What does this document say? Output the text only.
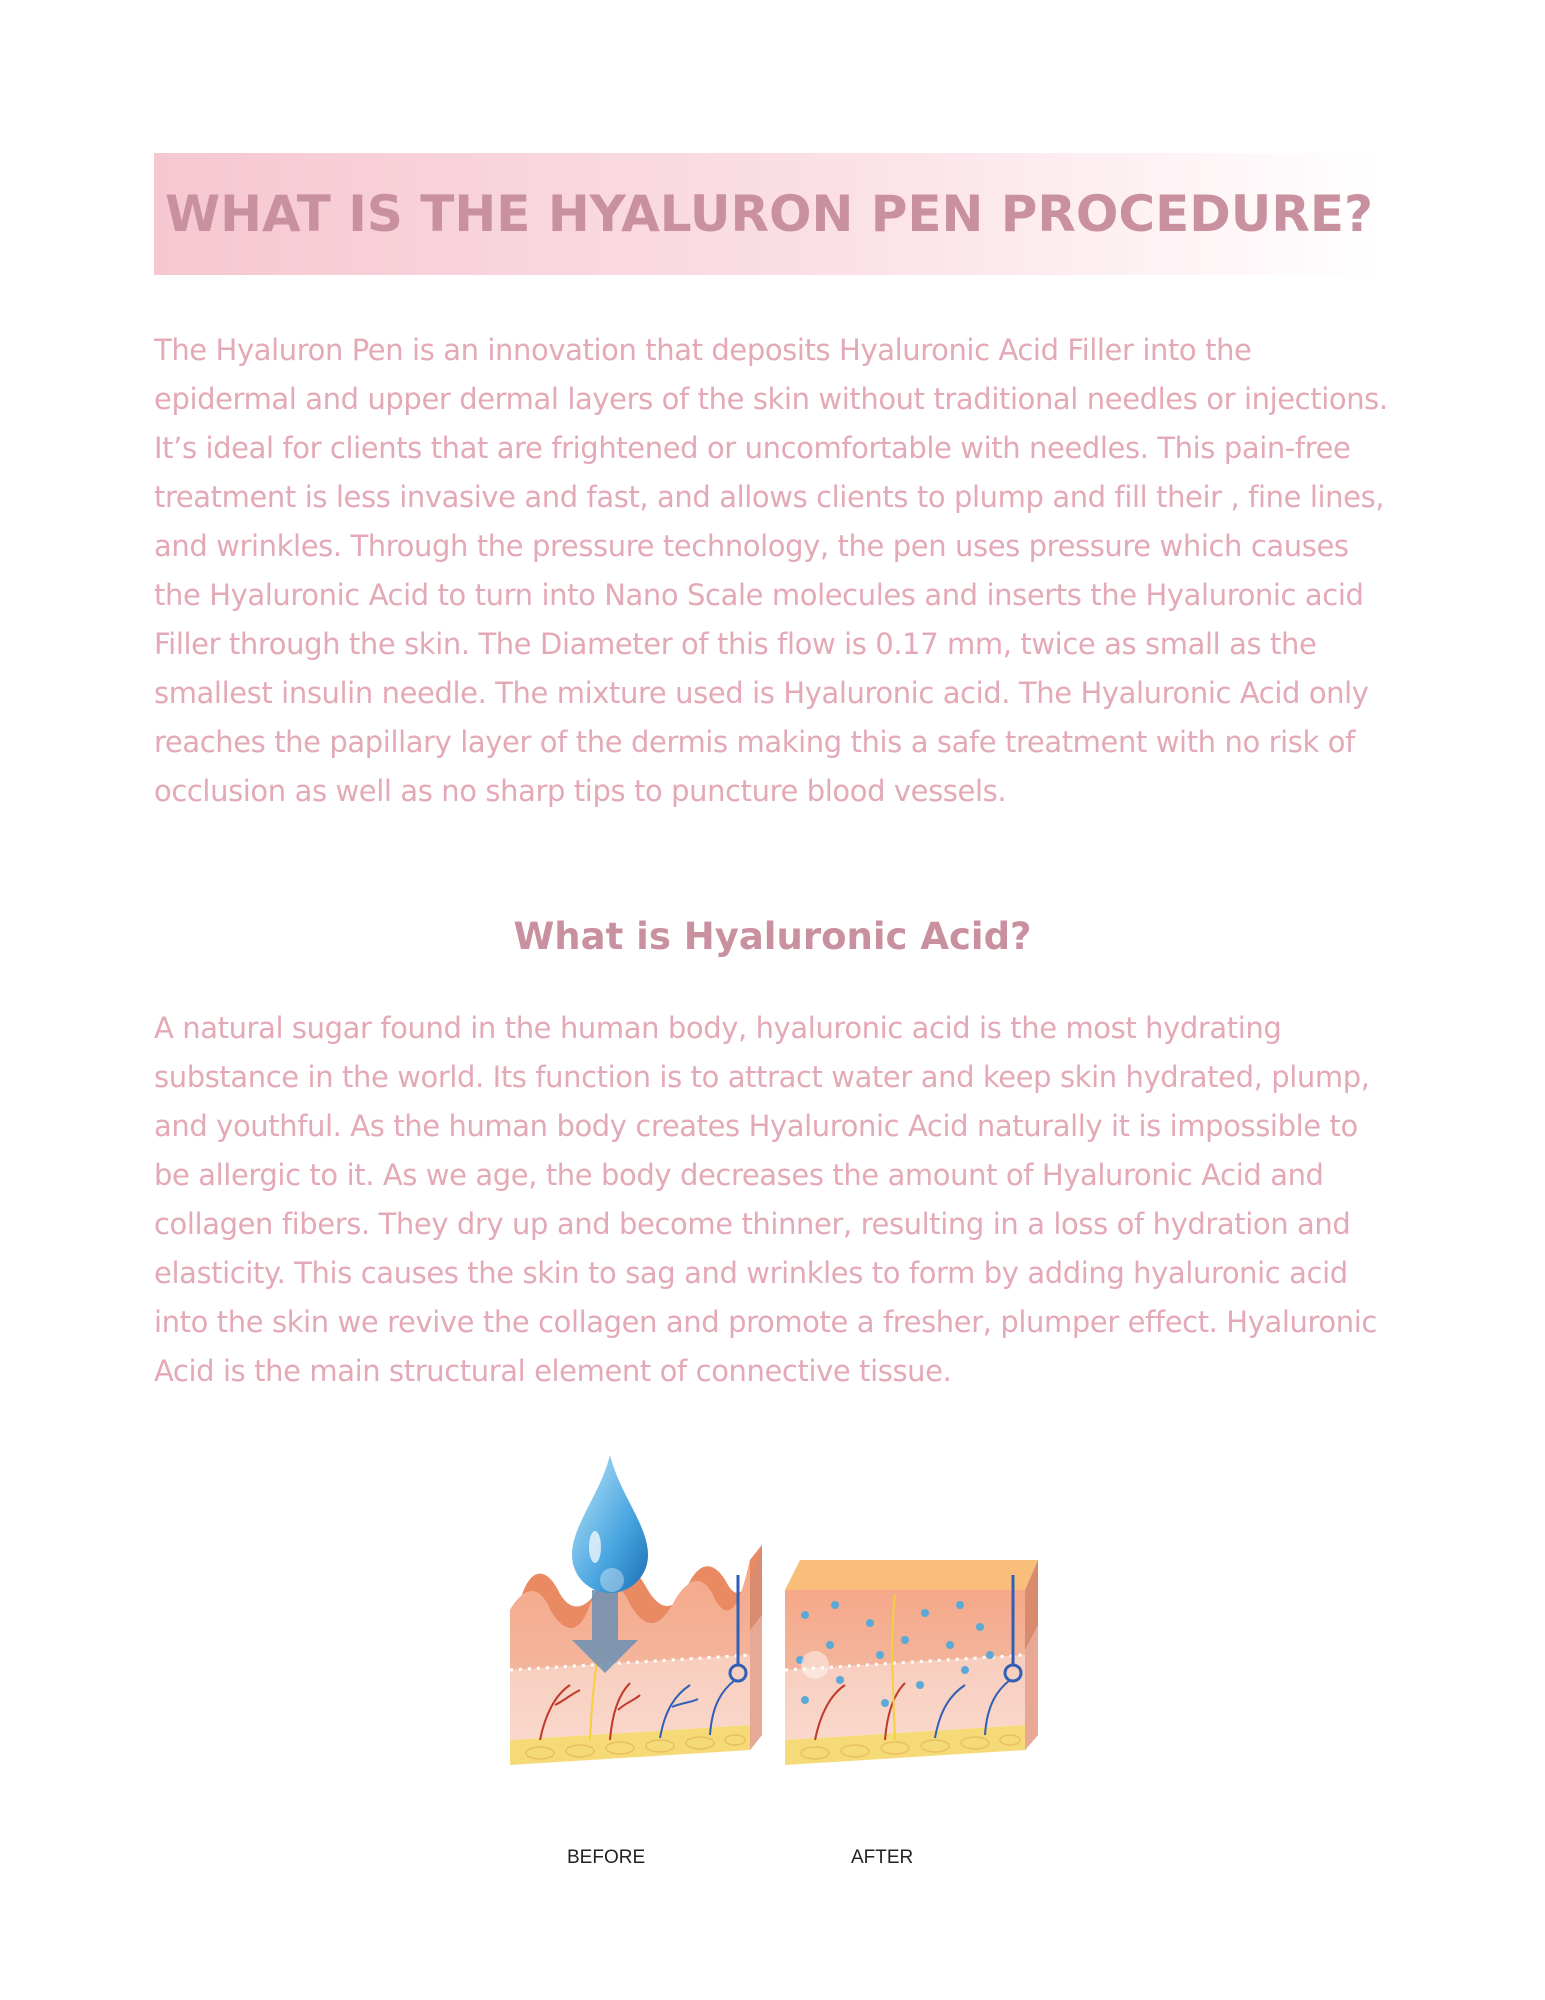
WHAT IS THE HYALURON PEN PROCEDURE?

The Hyaluron Pen is an innovation that deposits Hyaluronic Acid Filler into the epidermal and upper dermal layers of the skin without traditional needles or injections. It’s ideal for clients that are frightened or uncomfortable with needles. This pain-free treatment is less invasive and fast, and allows clients to plump and fill their , fine lines, and wrinkles. Through the pressure technology, the pen uses pressure which causes the Hyaluronic Acid to turn into Nano Scale molecules and inserts the Hyaluronic acid Filler through the skin. The Diameter of this flow is 0.17 mm, twice as small as the smallest insulin needle. The mixture used is Hyaluronic acid. The Hyaluronic Acid only reaches the papillary layer of the dermis making this a safe treatment with no risk of occlusion as well as no sharp tips to puncture blood vessels.

What is Hyaluronic Acid?

A natural sugar found in the human body, hyaluronic acid is the most hydrating substance in the world. Its function is to attract water and keep skin hydrated, plump, and youthful. As the human body creates Hyaluronic Acid naturally it is impossible to be allergic to it. As we age, the body decreases the amount of Hyaluronic Acid and collagen fibers. They dry up and become thinner, resulting in a loss of hydration and elasticity. This causes the skin to sag and wrinkles to form by adding hyaluronic acid into the skin we revive the collagen and promote a fresher, plumper effect. Hyaluronic Acid is the main structural element of connective tissue.

BEFORE	AFTER
